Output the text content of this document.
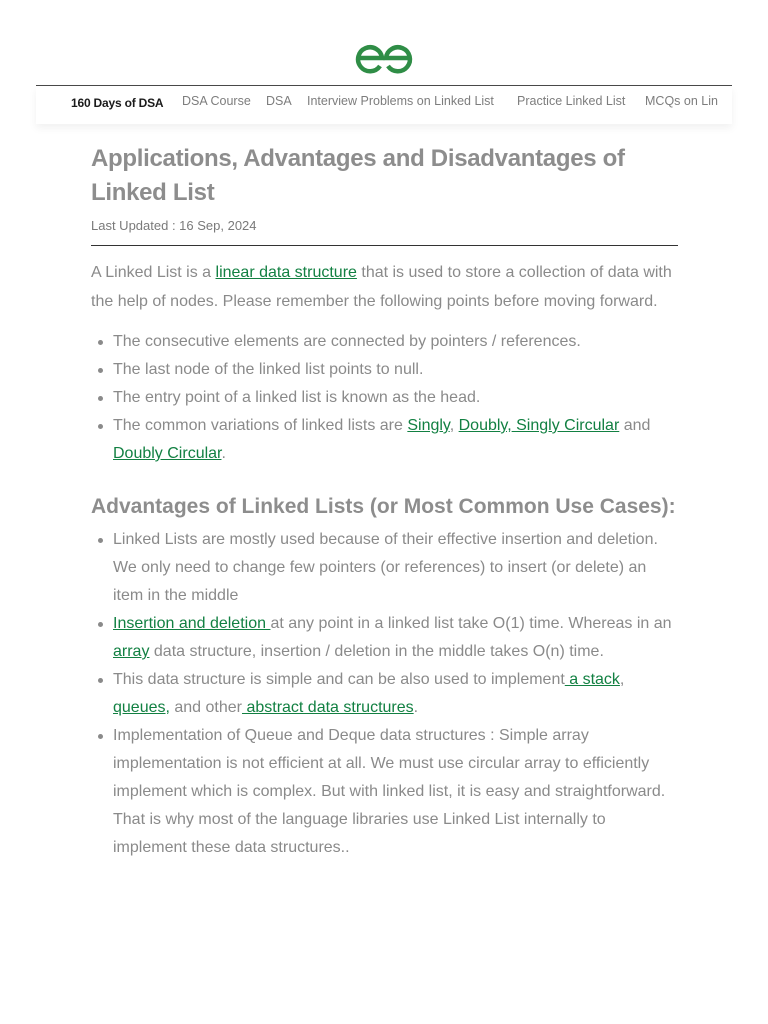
160 Days of DSA DSA Course DSA Interview Problems on Linked List Practice Linked List MCQs on Lin
Applications, Advantages and Disadvantages of Linked List
Last Updated : 16 Sep, 2024

A Linked List is a linear data structure that is used to store a collection of data with the help of nodes. Please remember the following points before moving forward.

The consecutive elements are connected by pointers / references.
The last node of the linked list points to null.
The entry point of a linked list is known as the head.
The common variations of linked lists are Singly, Doubly, Singly Circular and Doubly Circular.
Advantages of Linked Lists (or Most Common Use Cases):
Linked Lists are mostly used because of their effective insertion and deletion. We only need to change few pointers (or references) to insert (or delete) an item in the middle
Insertion and deletion at any point in a linked list take O(1) time. Whereas in an array data structure, insertion / deletion in the middle takes O(n) time.
This data structure is simple and can be also used to implement a stack, queues, and other abstract data structures.
Implementation of Queue and Deque data structures : Simple array implementation is not efficient at all. We must use circular array to efficiently implement which is complex. But with linked list, it is easy and straightforward. That is why most of the language libraries use Linked List internally to implement these data structures..
